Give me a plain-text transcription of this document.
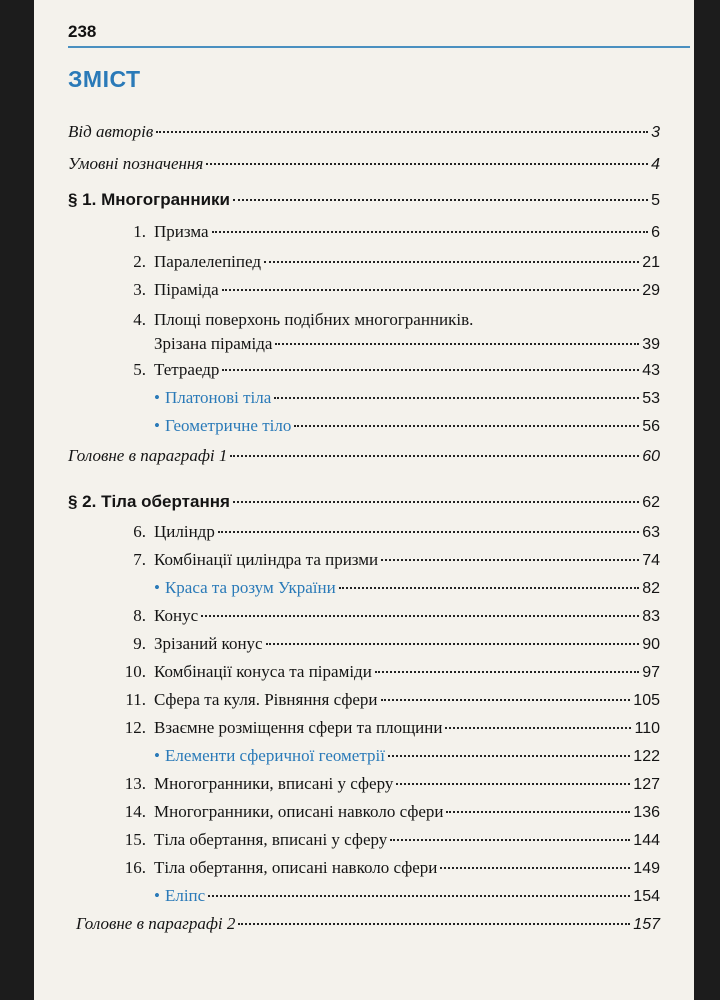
238
ЗМІСТ
Від авторів	3
Умовні позначення	4
§ 1. Многогранники	5
1. Призма	6
2. Паралелепіпед	21
3. Піраміда	29
4. Площі поверхонь подібних многогранників.
Зрізана піраміда	39
5. Тетраедр	43
• Платонові тіла	53
• Геометричне тіло	56
Головне в параграфі 1	60
§ 2. Тіла обертання	62
6. Циліндр	63
7. Комбінації циліндра та призми	74
• Краса та розум України	82
8. Конус	83
9. Зрізаний конус	90
10. Комбінації конуса та піраміди	97
11. Сфера та куля. Рівняння сфери	105
12. Взаємне розміщення сфери та площини	110
• Елементи сферичної геометрії	122
13. Многогранники, вписані у сферу	127
14. Многогранники, описані навколо сфери	136
15. Тіла обертання, вписані у сферу	144
16. Тіла обертання, описані навколо сфери	149
• Еліпс	154
Головне в параграфі 2	157
